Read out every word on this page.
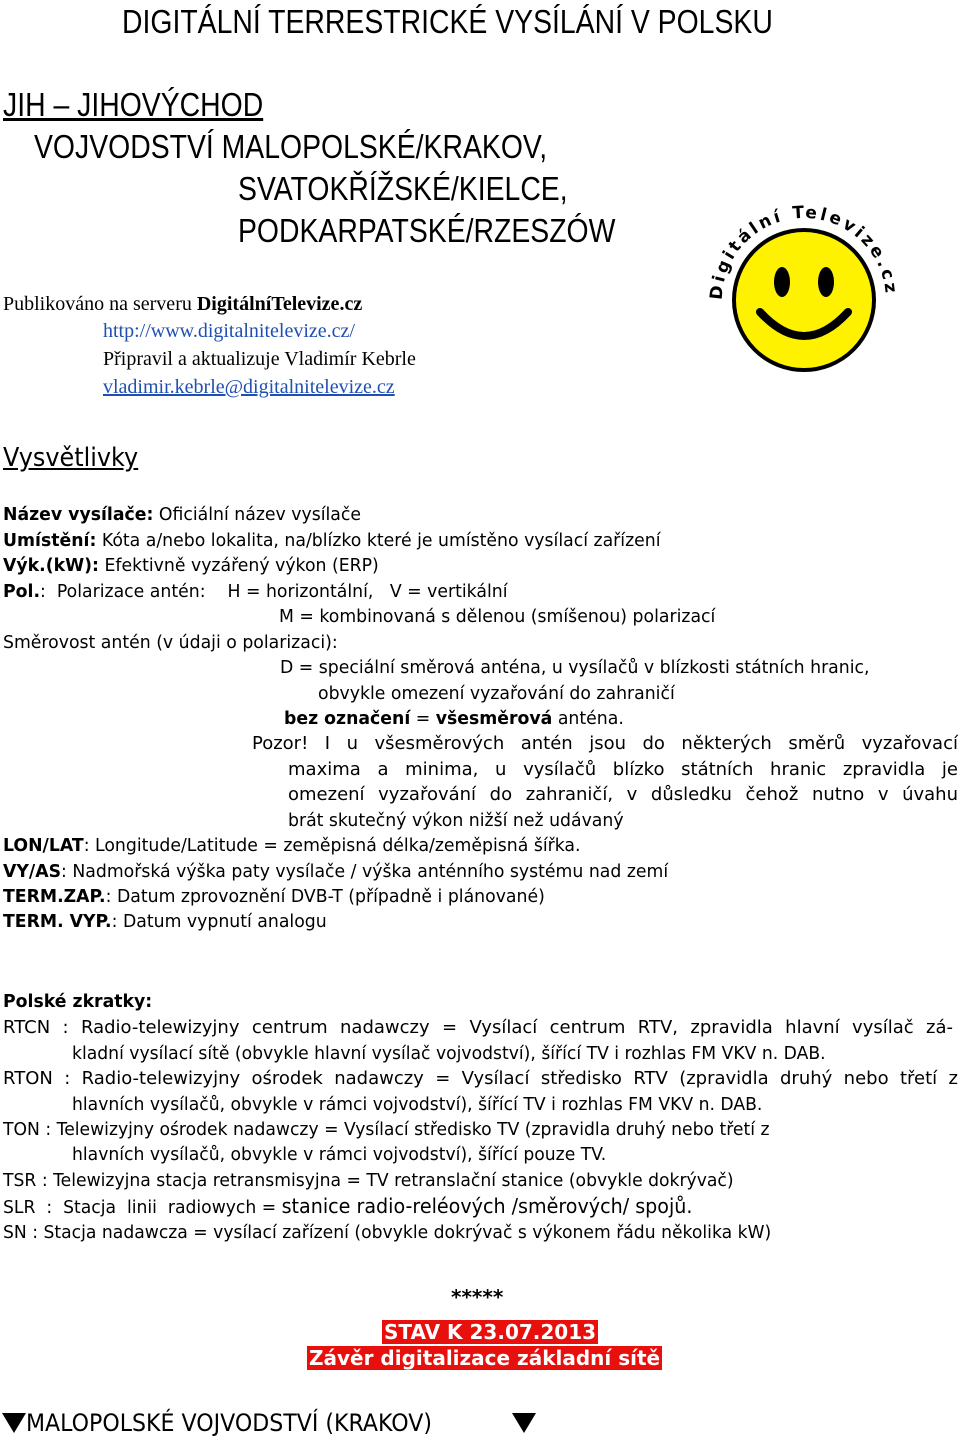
DIGITÁLNÍ TERRESTRICKÉ VYSÍLÁNÍ V POLSKU
JIH – JIHOVÝCHOD
VOJVODSTVÍ MALOPOLSKÉ/KRAKOV,
SVATOKŘÍŽSKÉ/KIELCE,
PODKARPATSKÉ/RZESZÓW
Publikováno na serveru DigitálníTelevize.cz
http://www.digitalnitelevize.cz/
Připravil a aktualizuje Vladimír Kebrle
vladimir.kebrle@digitalnitelevize.cz
Digitální Televize.cz
Vysvětlivky
Název vysílače: Oficiální název vysílače
Umístění: Kóta a/nebo lokalita, na/blízko které je umístěno vysílací zařízení
Výk.(kW): Efektivně vyzářený výkon (ERP)
Pol.:  Polarizace antén:    H = horizontální,   V = vertikální
M = kombinovaná s dělenou (smíšenou) polarizací
Směrovost antén (v údaji o polarizaci):
D = speciální směrová anténa, u vysílačů v blízkosti státních hranic,
obvykle omezení vyzařování do zahraničí
bez označení = všesměrová anténa.
Pozor! I u všesměrových antén jsou do některých směrů vyzařovací
maxima a minima, u vysílačů blízko státních hranic zpravidla je
omezení vyzařování do zahraničí, v důsledku čehož nutno v úvahu
brát skutečný výkon nižší než udávaný
LON/LAT: Longitude/Latitude = zeměpisná délka/zeměpisná šířka.
VY/AS: Nadmořská výška paty vysílače / výška anténního systému nad zemí
TERM.ZAP.: Datum zprovoznění DVB-T (případně i plánované)
TERM. VYP.: Datum vypnutí analogu
Polské zkratky:
RTCN : Radio-telewizyjny centrum nadawczy = Vysílací centrum RTV, zpravidla hlavní vysílač zá-
kladní vysílací sítě (obvykle hlavní vysílač vojvodství), šířící TV i rozhlas FM VKV n. DAB.
RTON : Radio-telewizyjny ośrodek nadawczy = Vysílací středisko RTV (zpravidla druhý nebo třetí z
hlavních vysílačů, obvykle v rámci vojvodství), šířící TV i rozhlas FM VKV n. DAB.
TON : Telewizyjny ośrodek nadawczy = Vysílací středisko TV (zpravidla druhý nebo třetí z
hlavních vysílačů, obvykle v rámci vojvodství), šířící pouze TV.
TSR : Telewizyjna stacja retransmisyjna = TV retranslační stanice (obvykle dokrývač)
SLR  :  Stacja  linii  radiowych = stanice radio-reléových /směrových/ spojů.
SN : Stacja nadawcza = vysílací zařízení (obvykle dokrývač s výkonem řádu několika kW)
*****
STAV K 23.07.2013
Závěr digitalizace základní sítě
MALOPOLSKÉ VOJVODSTVÍ (KRAKOV)
